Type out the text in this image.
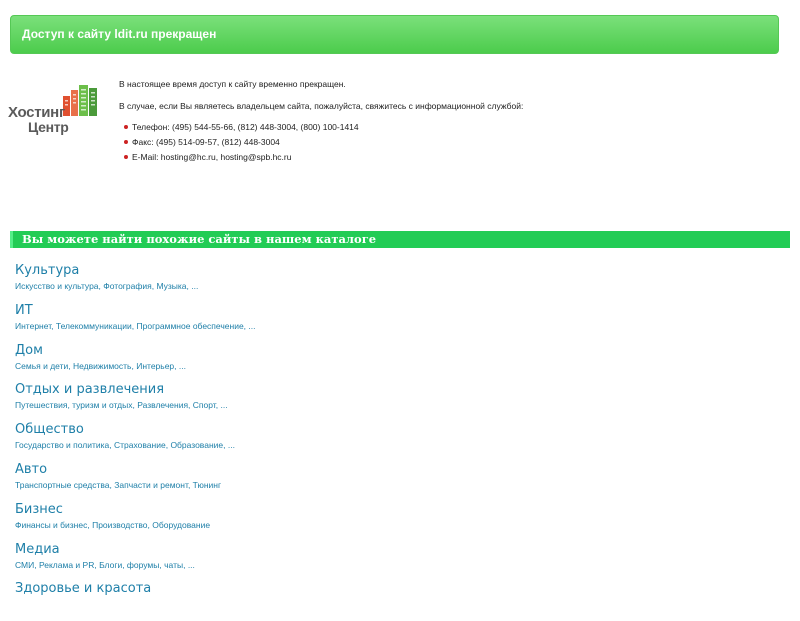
Доступ к сайту ldit.ru прекращен
Хостинг
Центр

В настоящее время доступ к сайту временно прекращен.

В случае, если Вы являетесь владельцем сайта, пожалуйста, свяжитесь с информационной службой:

Телефон: (495) 544-55-66, (812) 448-3004, (800) 100-1414
Факс: (495) 514-09-57, (812) 448-3004
E-Mail: hosting@hc.ru, hosting@spb.hc.ru
Вы можете найти похожие сайты в нашем каталоге
Культура
Искусство и культура, Фотография, Музыка, ...
ИТ
Интернет, Телекоммуникации, Программное обеспечение, ...
Дом
Семья и дети, Недвижимость, Интерьер, ...
Отдых и развлечения
Путешествия, туризм и отдых, Развлечения, Спорт, ...
Общество
Государство и политика, Страхование, Образование, ...
Авто
Транспортные средства, Запчасти и ремонт, Тюнинг
Бизнес
Финансы и бизнес, Производство, Оборудование
Медиа
СМИ, Реклама и PR, Блоги, форумы, чаты, ...
Здоровье и красота
